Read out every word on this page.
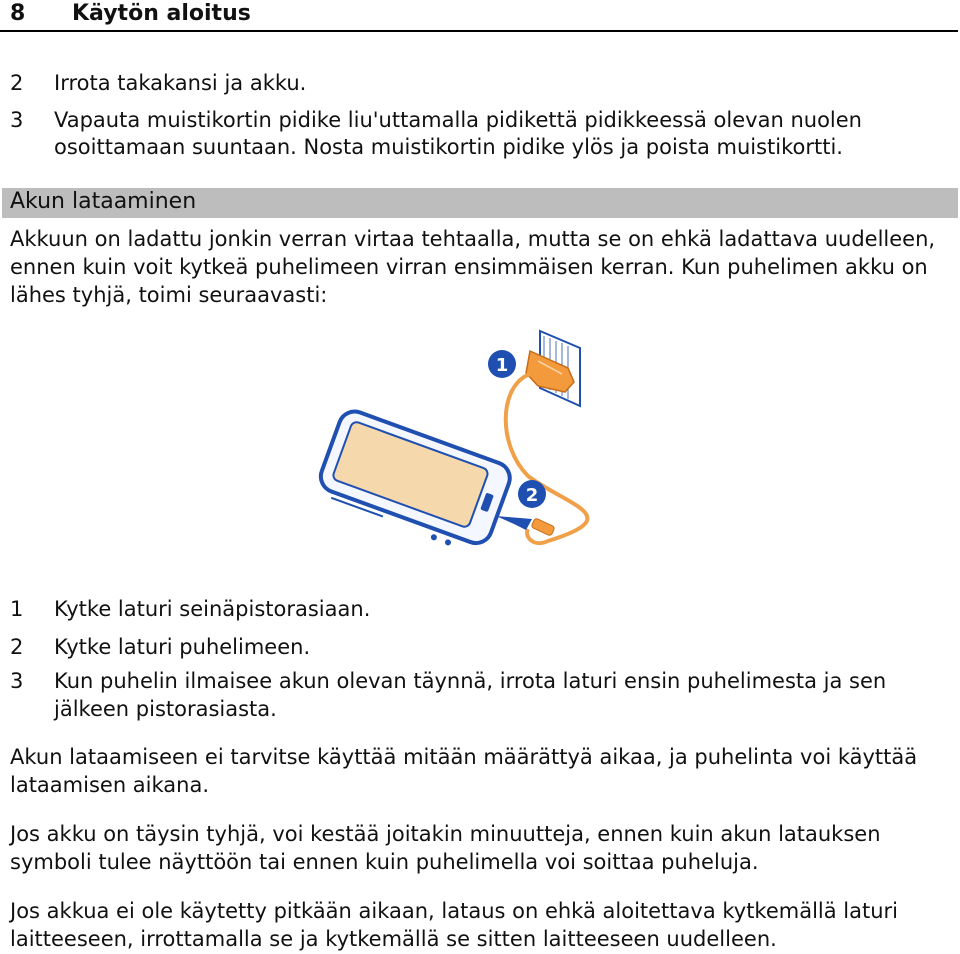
8 Käytön aloitus
2 Irrota takakansi ja akku.
3 Vapauta muistikortin pidike liu'uttamalla pidikettä pidikkeessä olevan nuolen
osoittamaan suuntaan. Nosta muistikortin pidike ylös ja poista muistikortti.
Akun lataaminen
Akkuun on ladattu jonkin verran virtaa tehtaalla, mutta se on ehkä ladattava uudelleen,
ennen kuin voit kytkeä puhelimeen virran ensimmäisen kerran. Kun puhelimen akku on
lähes tyhjä, toimi seuraavasti:
1
2
1 Kytke laturi seinäpistorasiaan.
2 Kytke laturi puhelimeen.
3 Kun puhelin ilmaisee akun olevan täynnä, irrota laturi ensin puhelimesta ja sen
jälkeen pistorasiasta.
Akun lataamiseen ei tarvitse käyttää mitään määrättyä aikaa, ja puhelinta voi käyttää
lataamisen aikana.
Jos akku on täysin tyhjä, voi kestää joitakin minuutteja, ennen kuin akun latauksen
symboli tulee näyttöön tai ennen kuin puhelimella voi soittaa puheluja.
Jos akkua ei ole käytetty pitkään aikaan, lataus on ehkä aloitettava kytkemällä laturi
laitteeseen, irrottamalla se ja kytkemällä se sitten laitteeseen uudelleen.
